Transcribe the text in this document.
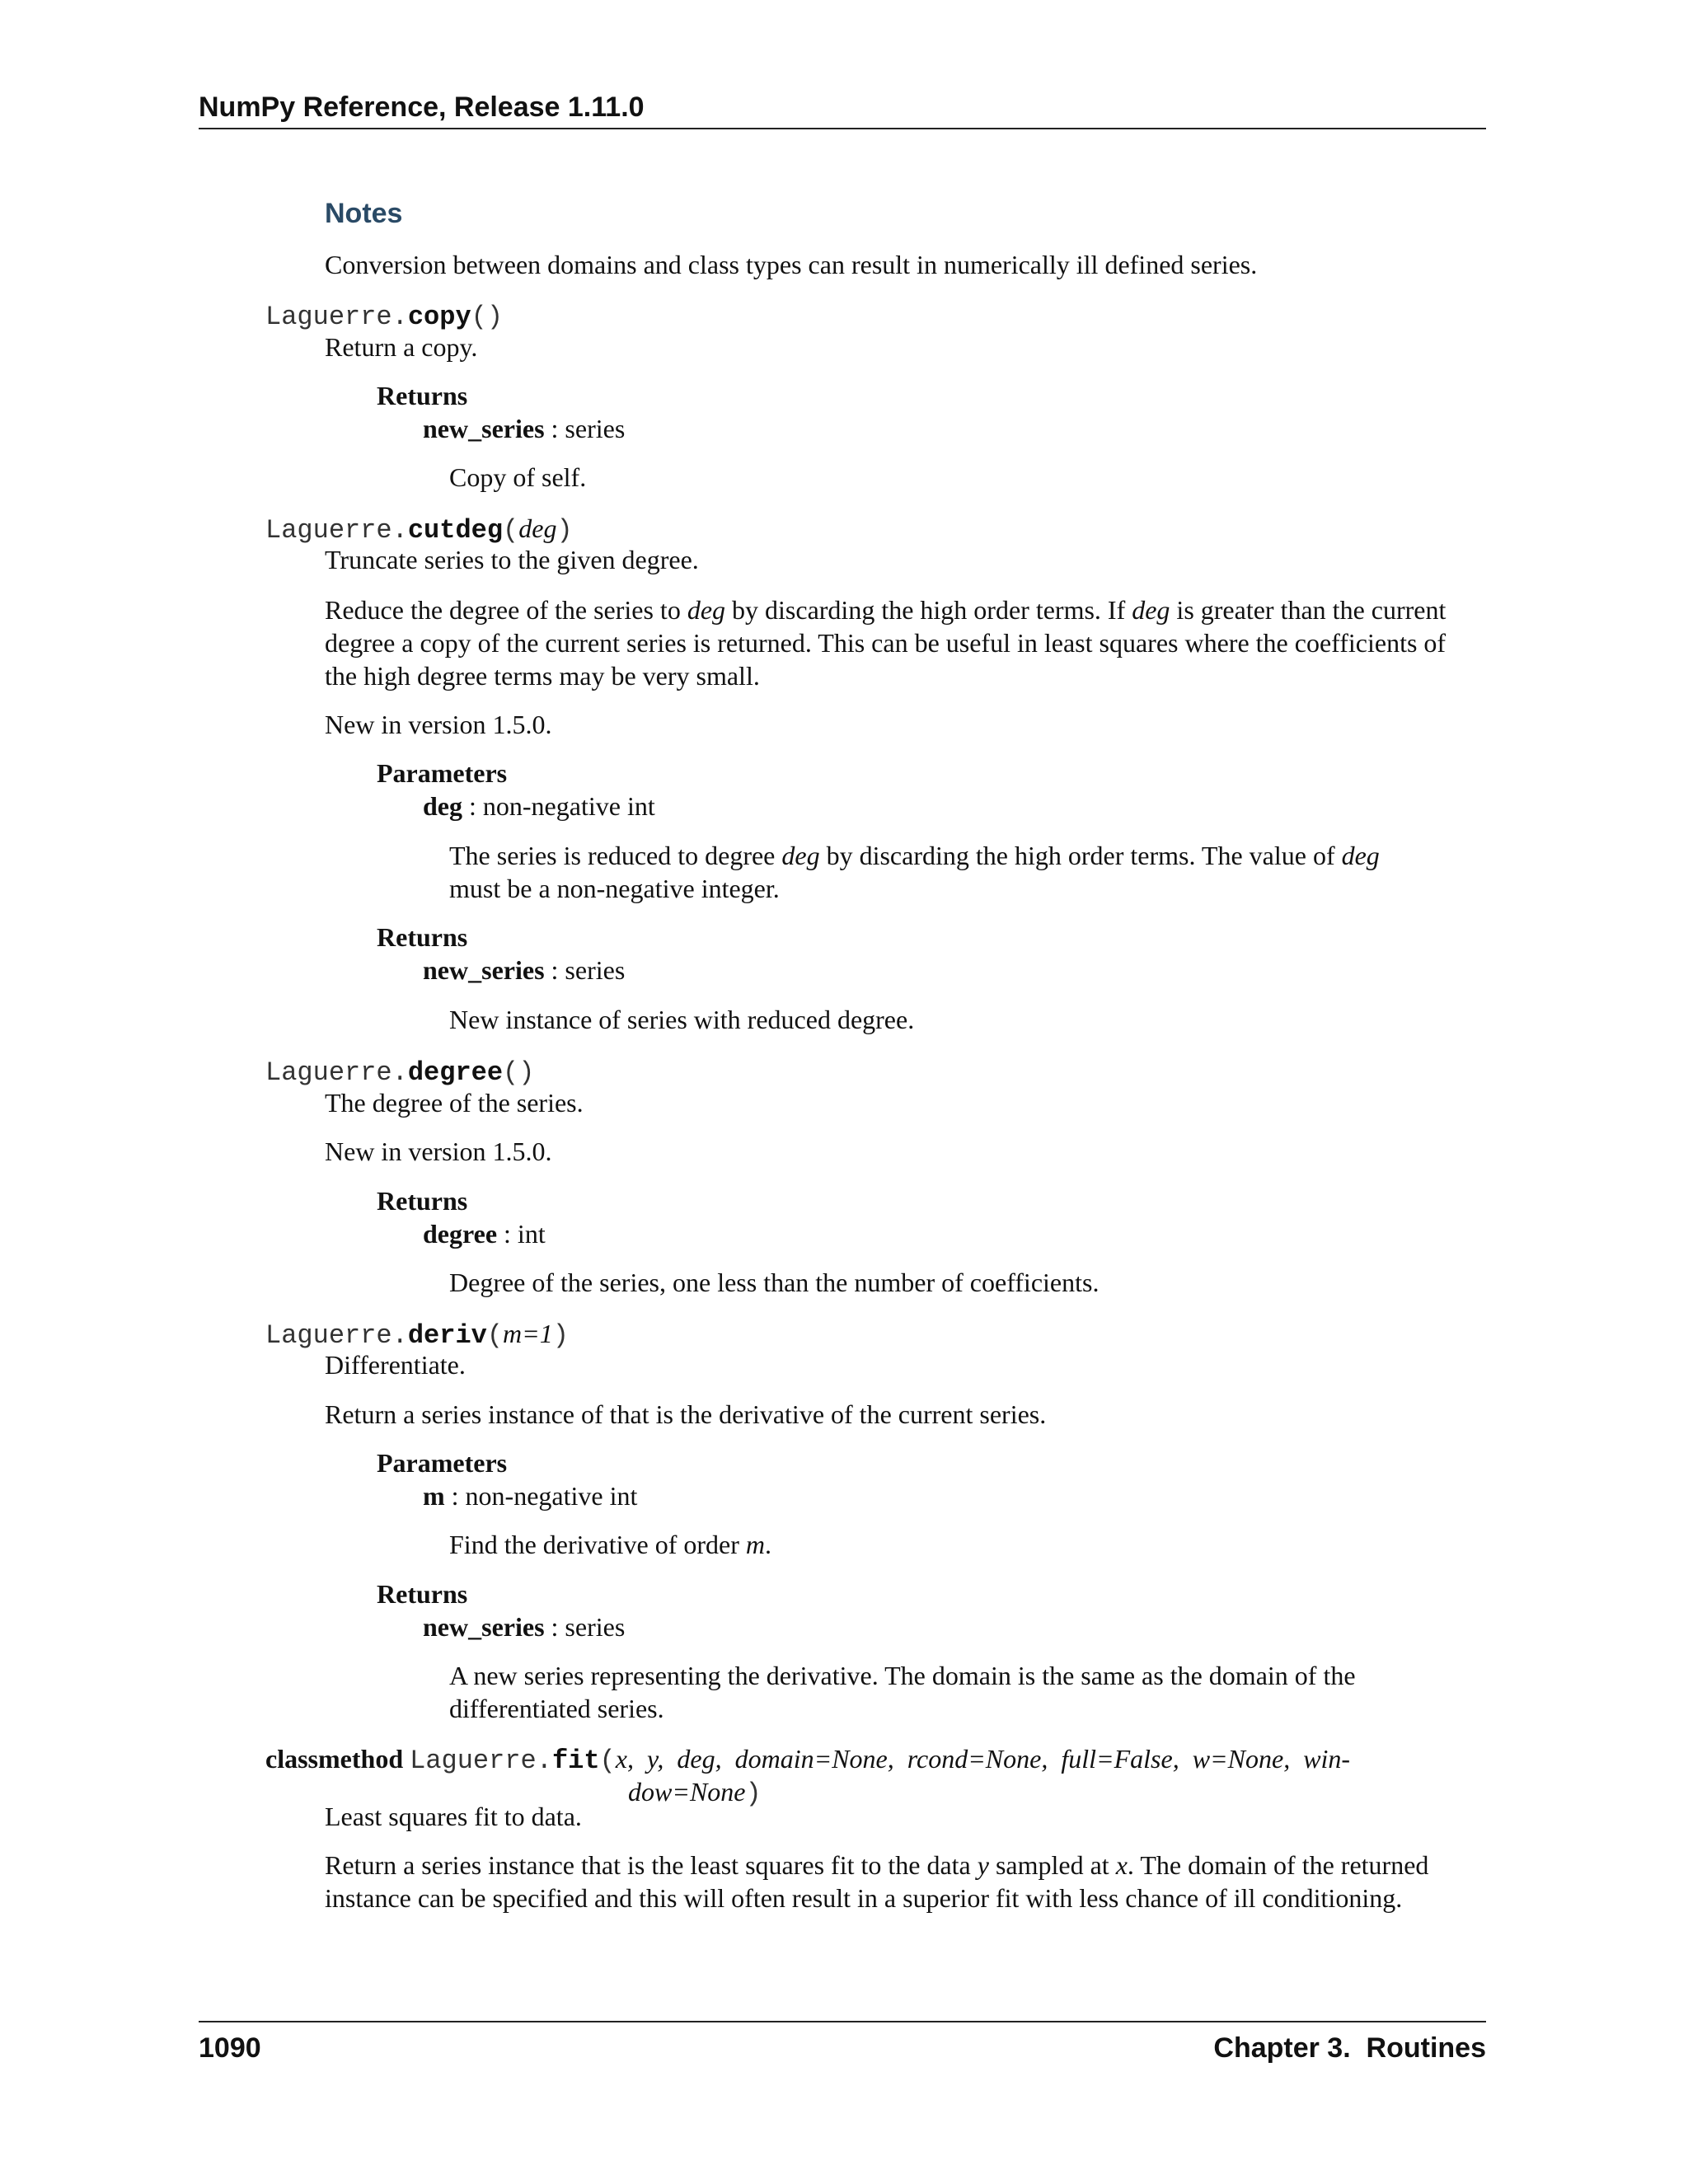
NumPy Reference, Release 1.11.0
Notes
Conversion between domains and class types can result in numerically ill defined series.
Laguerre.copy()
Return a copy.
Returns
new_series : series
Copy of self.
Laguerre.cutdeg(deg)
Truncate series to the given degree.
Reduce the degree of the series to deg by discarding the high order terms. If deg is greater than the current
degree a copy of the current series is returned. This can be useful in least squares where the coefficients of
the high degree terms may be very small.
New in version 1.5.0.
Parameters
deg : non-negative int
The series is reduced to degree deg by discarding the high order terms. The value of deg
must be a non-negative integer.
Returns
new_series : series
New instance of series with reduced degree.
Laguerre.degree()
The degree of the series.
New in version 1.5.0.
Returns
degree : int
Degree of the series, one less than the number of coefficients.
Laguerre.deriv(m=1)
Differentiate.
Return a series instance of that is the derivative of the current series.
Parameters
m : non-negative int
Find the derivative of order m.
Returns
new_series : series
A new series representing the derivative. The domain is the same as the domain of the
differentiated series.
classmethod Laguerre.fit(x,  y,  deg,  domain=None,  rcond=None,  full=False,  w=None,  win-
dow=None)
Least squares fit to data.
Return a series instance that is the least squares fit to the data y sampled at x. The domain of the returned
instance can be specified and this will often result in a superior fit with less chance of ill conditioning.
1090	Chapter 3.  Routines
